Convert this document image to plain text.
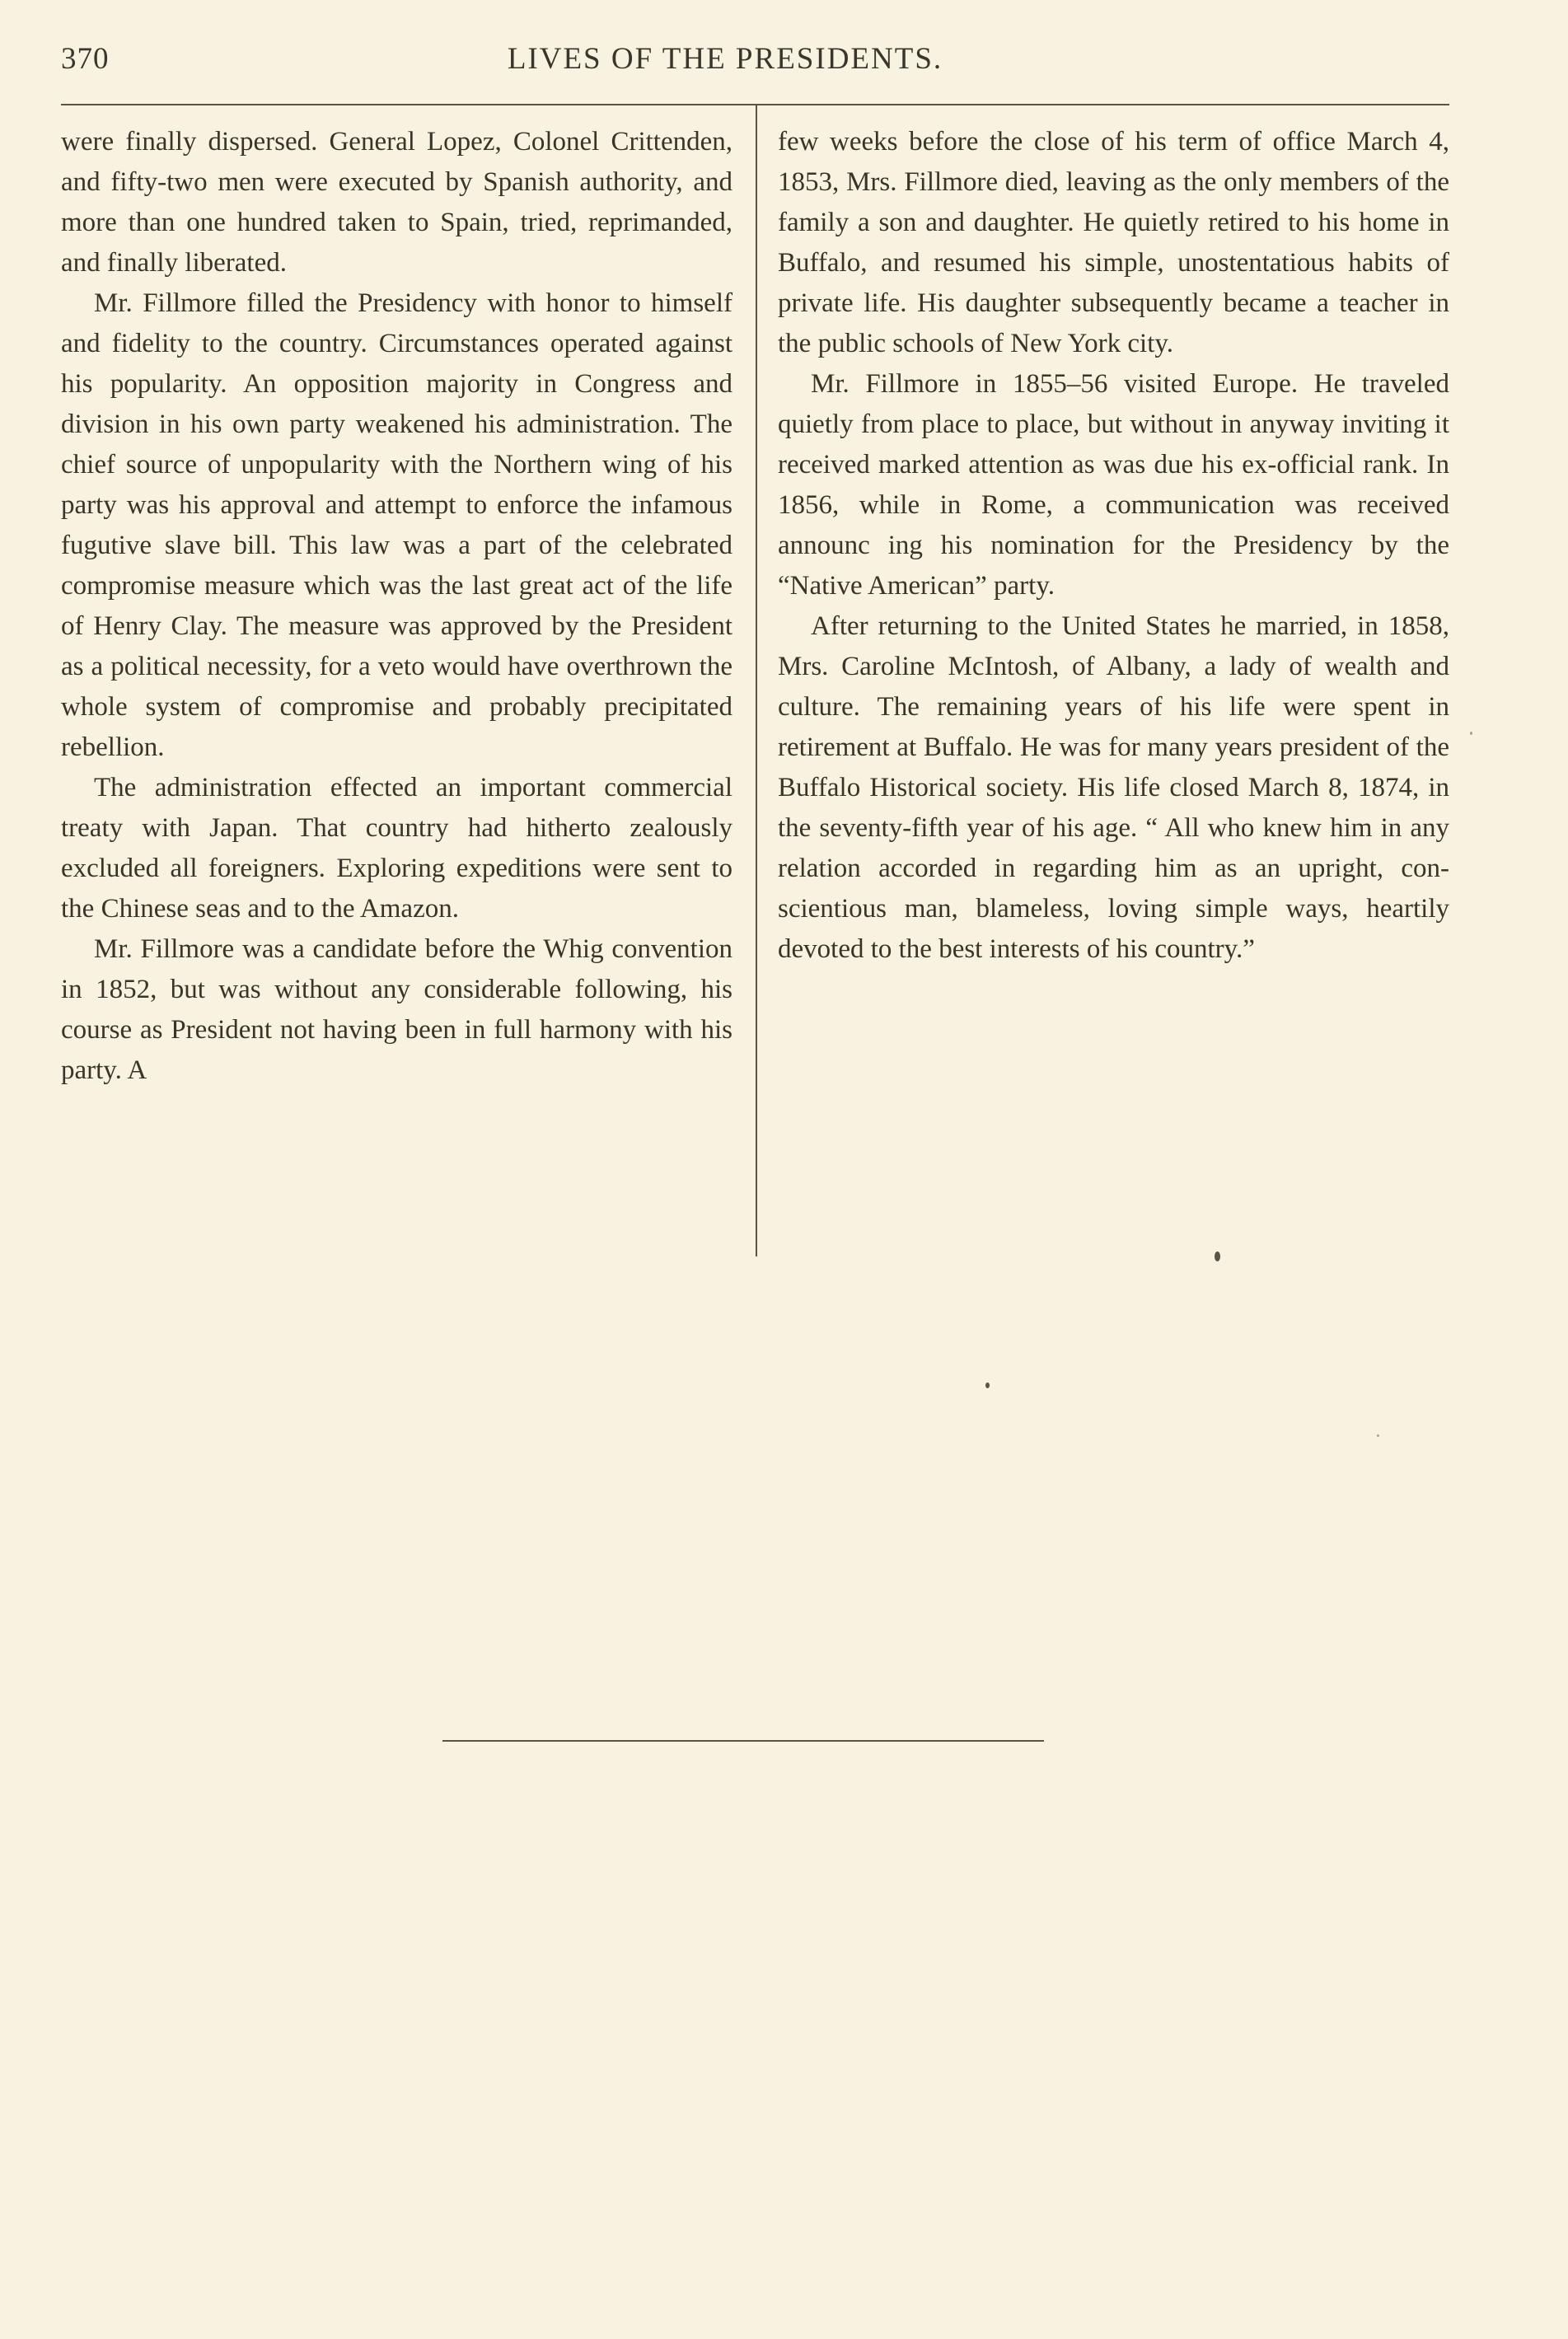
370	LIVES OF THE PRESIDENTS.

were finally dispersed. General Lopez, Colonel Crittenden, and fifty-two men were executed by Spanish authority, and more than one hundred taken to Spain, tried, reprimanded, and finally liberated.

Mr. Fillmore filled the Presidency with honor to himself and fidelity to the country. Circumstances operated against his popularity. An opposition majority in Congress and division in his own party weakened his administration. The chief source of unpopularity with the Northern wing of his party was his approval and attempt to enforce the infamous fugutive slave bill. This law was a part of the celebrated compromise measure which was the last great act of the life of Henry Clay. The measure was approved by the President as a political necessity, for a veto would have overthrown the whole system of compromise and probably precipitated rebellion.

The administration effected an important commercial treaty with Japan. That country had hitherto zealously excluded all foreigners. Exploring expeditions were sent to the Chinese seas and to the Amazon.

Mr. Fillmore was a candidate before the Whig convention in 1852, but was without any considerable following, his course as President not having been in full harmony with his party. A

few weeks before the close of his term of office March 4, 1853, Mrs. Fillmore died, leaving as the only members of the family a son and daughter. He quietly retired to his home in Buffalo, and resumed his simple, unostentatious habits of private life. His daughter subsequently became a teacher in the public schools of New York city.

Mr. Fillmore in 1855–56 visited Europe. He traveled quietly from place to place, but without in anyway inviting it received marked attention as was due his ex-official rank. In 1856, while in Rome, a communication was received announc ing his nomination for the Presidency by the “Native American” party.

After returning to the United States he married, in 1858, Mrs. Caroline McIntosh, of Albany, a lady of wealth and culture. The remaining years of his life were spent in retirement at Buffalo. He was for many years president of the Buffalo Historical society. His life closed March 8, 1874, in the seventy-fifth year of his age. “ All who knew him in any relation accorded in regarding him as an upright, conscientious man, blameless, loving simple ways, heartily devoted to the best interests of his country.”
